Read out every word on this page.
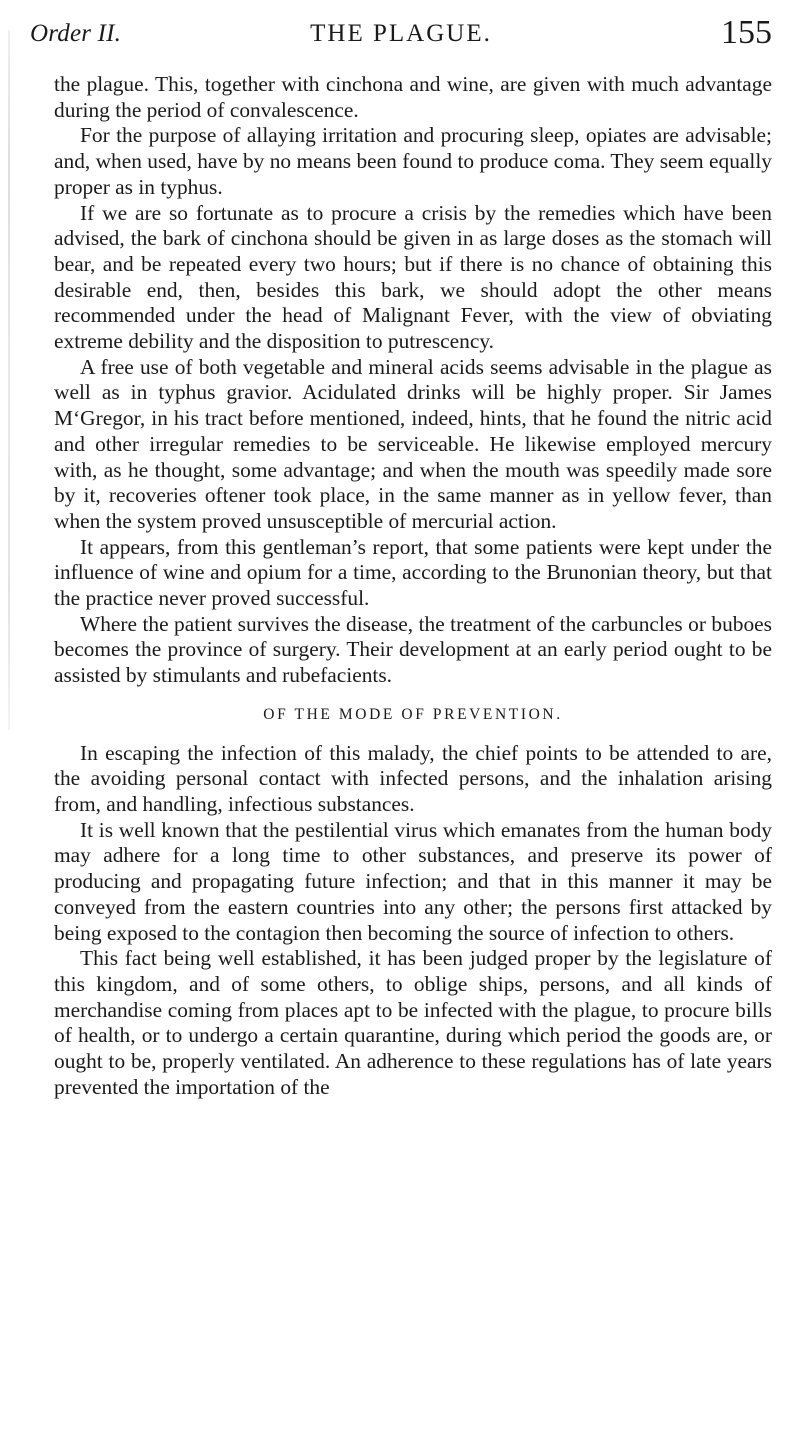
Order II.	THE PLAGUE.	155

the plague. This, together with cinchona and wine, are given with much advantage during the period of convalescence.

For the purpose of allaying irritation and procuring sleep, opiates are advisable; and, when used, have by no means been found to produce coma. They seem equally proper as in typhus.

If we are so fortunate as to procure a crisis by the remedies which have been advised, the bark of cinchona should be given in as large doses as the stomach will bear, and be repeated every two hours; but if there is no chance of obtaining this desirable end, then, besides this bark, we should adopt the other means recommended under the head of Malignant Fever, with the view of obviating extreme debility and the disposition to putrescency.

A free use of both vegetable and mineral acids seems advisable in the plague as well as in typhus gravior. Acidulated drinks will be highly proper. Sir James M‘Gregor, in his tract before mentioned, indeed, hints, that he found the nitric acid and other irregular remedies to be serviceable. He likewise employed mercury with, as he thought, some advantage; and when the mouth was speedily made sore by it, recoveries oftener took place, in the same manner as in yellow fever, than when the system proved unsusceptible of mercurial action.

It appears, from this gentleman’s report, that some patients were kept under the influence of wine and opium for a time, according to the Brunonian theory, but that the practice never proved successful.

Where the patient survives the disease, the treatment of the carbuncles or buboes becomes the province of surgery. Their development at an early period ought to be assisted by stimulants and rubefacients.

OF THE MODE OF PREVENTION.

In escaping the infection of this malady, the chief points to be attended to are, the avoiding personal contact with infected persons, and the inhalation arising from, and handling, infectious substances.

It is well known that the pestilential virus which emanates from the human body may adhere for a long time to other substances, and preserve its power of producing and propagating future infection; and that in this manner it may be conveyed from the eastern countries into any other; the persons first attacked by being exposed to the contagion then becoming the source of infection to others.

This fact being well established, it has been judged proper by the legislature of this kingdom, and of some others, to oblige ships, persons, and all kinds of merchandise coming from places apt to be infected with the plague, to procure bills of health, or to undergo a certain quarantine, during which period the goods are, or ought to be, properly ventilated. An adherence to these regulations has of late years prevented the importation of the
